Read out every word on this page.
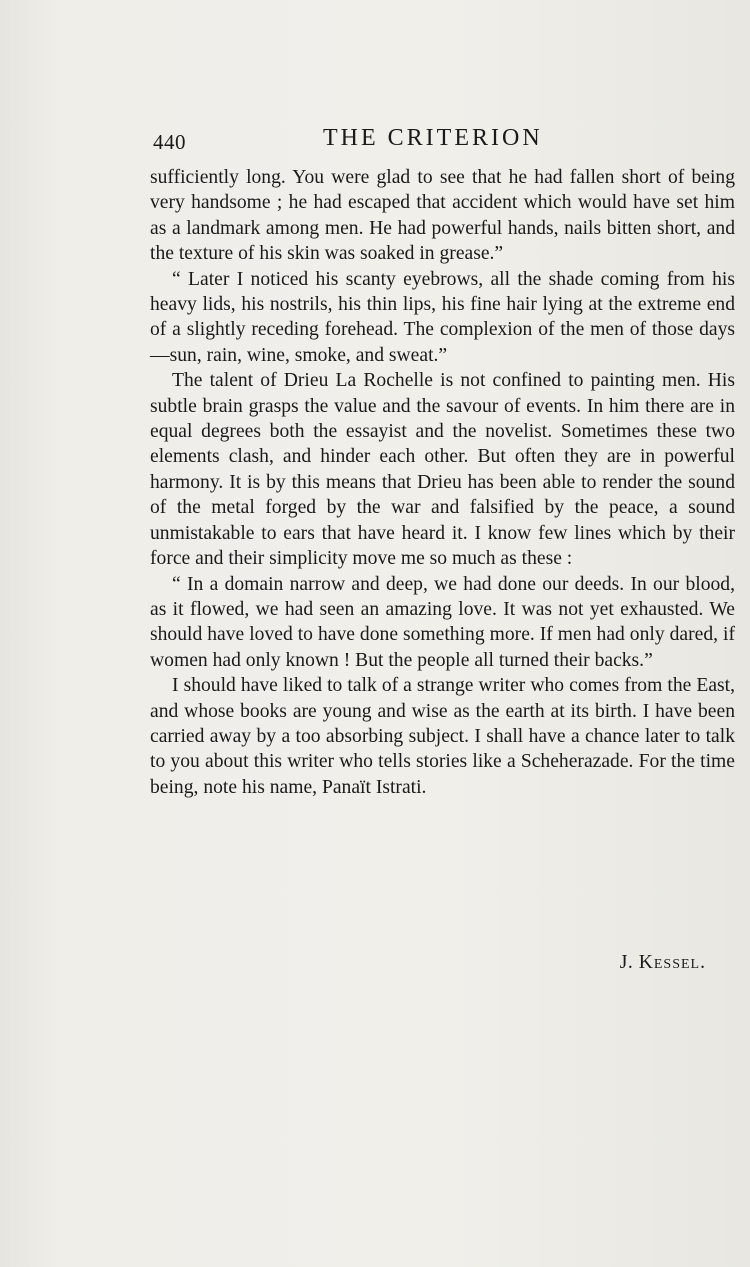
440	THE CRITERION

sufficiently long. You were glad to see that he had fallen short of being very handsome ; he had escaped that accident which would have set him as a landmark among men. He had powerful hands, nails bitten short, and the texture of his skin was soaked in grease.”

“ Later I noticed his scanty eyebrows, all the shade coming from his heavy lids, his nostrils, his thin lips, his fine hair lying at the extreme end of a slightly receding forehead. The complexion of the men of those days—sun, rain, wine, smoke, and sweat.”

The talent of Drieu La Rochelle is not confined to painting men. His subtle brain grasps the value and the savour of events. In him there are in equal degrees both the essayist and the novelist. Sometimes these two elements clash, and hinder each other. But often they are in powerful harmony. It is by this means that Drieu has been able to render the sound of the metal forged by the war and falsified by the peace, a sound unmistakable to ears that have heard it. I know few lines which by their force and their simplicity move me so much as these :

“ In a domain narrow and deep, we had done our deeds. In our blood, as it flowed, we had seen an amazing love. It was not yet exhausted. We should have loved to have done something more. If men had only dared, if women had only known ! But the people all turned their backs.”

I should have liked to talk of a strange writer who comes from the East, and whose books are young and wise as the earth at its birth. I have been carried away by a too absorbing subject. I shall have a chance later to talk to you about this writer who tells stories like a Scheherazade. For the time being, note his name, Panaït Istrati.

J. Kessel.
